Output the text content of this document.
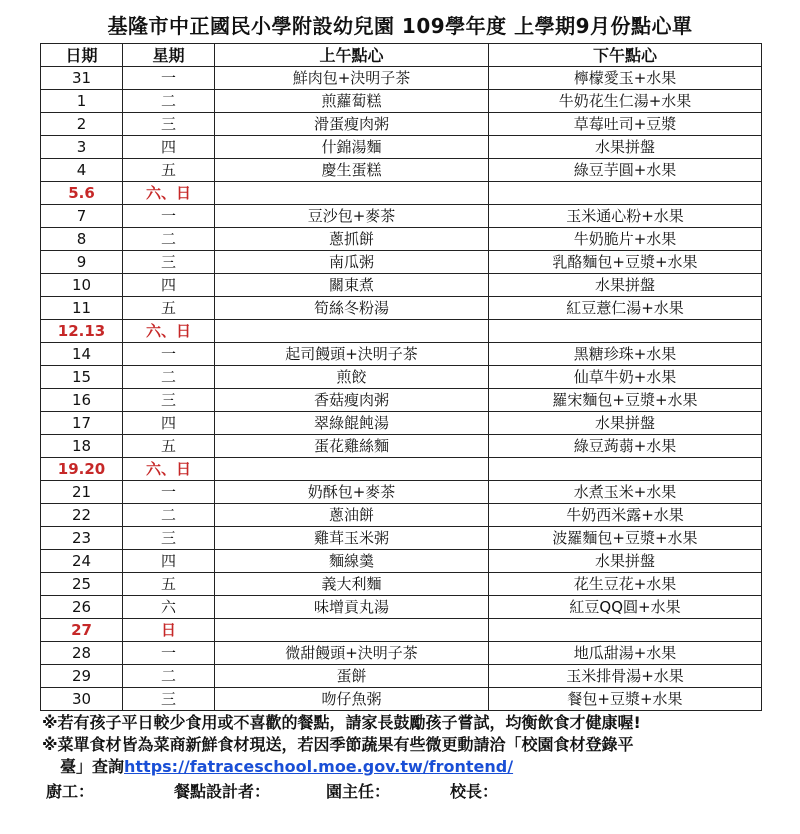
基隆市中正國民小學附設幼兒園 109學年度 上學期9月份點心單
日期	星期	上午點心	下午點心
31	一	鮮肉包+決明子茶	檸檬愛玉+水果
1	二	煎蘿蔔糕	牛奶花生仁湯+水果
2	三	滑蛋瘦肉粥	草莓吐司+豆漿
3	四	什錦湯麵	水果拼盤
4	五	慶生蛋糕	綠豆芋圓+水果
5.6	六、日		
7	一	豆沙包+麥茶	玉米通心粉+水果
8	二	蔥抓餅	牛奶脆片+水果
9	三	南瓜粥	乳酪麵包+豆漿+水果
10	四	關東煮	水果拼盤
11	五	筍絲冬粉湯	紅豆薏仁湯+水果
12.13	六、日		
14	一	起司饅頭+決明子茶	黑糖珍珠+水果
15	二	煎餃	仙草牛奶+水果
16	三	香菇瘦肉粥	羅宋麵包+豆漿+水果
17	四	翠綠餛飩湯	水果拼盤
18	五	蛋花雞絲麵	綠豆蒟蒻+水果
19.20	六、日		
21	一	奶酥包+麥茶	水煮玉米+水果
22	二	蔥油餅	牛奶西米露+水果
23	三	雞茸玉米粥	波羅麵包+豆漿+水果
24	四	麵線羹	水果拼盤
25	五	義大利麵	花生豆花+水果
26	六	味增貢丸湯	紅豆QQ圓+水果
27	日		
28	一	微甜饅頭+決明子茶	地瓜甜湯+水果
29	二	蛋餅	玉米排骨湯+水果
30	三	吻仔魚粥	餐包+豆漿+水果
※若有孩子平日較少食用或不喜歡的餐點，請家長鼓勵孩子嘗試，均衡飲食才健康喔!
※菜單食材皆為菜商新鮮食材現送，若因季節蔬果有些微更動請洽「校園食材登錄平
臺」查詢https://fatraceschool.moe.gov.tw/frontend/
廚工：	餐點設計者：	園主任：	校長：
